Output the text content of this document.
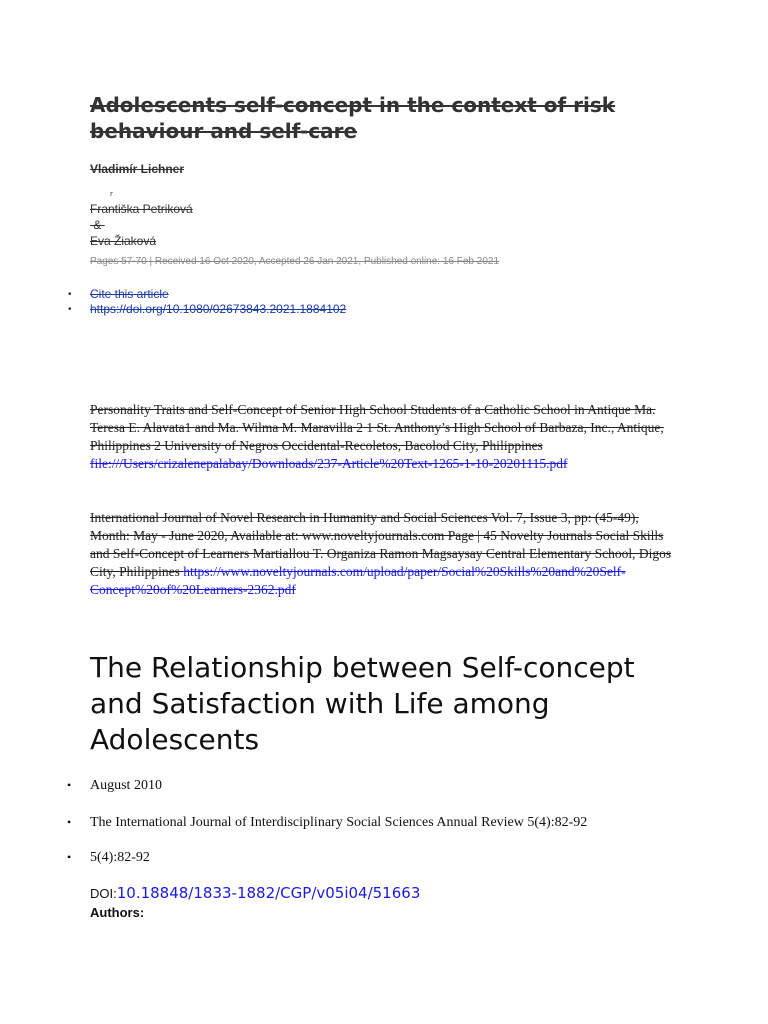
Adolescents self-concept in the context of risk behaviour and self-care
Vladimír Lichner
r
Františka Petriková
&
Eva Žiaková
Pages 57-70 | Received 16 Oct 2020, Accepted 26 Jan 2021, Published online: 16 Feb 2021
• Cite this article
• https://doi.org/10.1080/02673843.2021.1884102
Personality Traits and Self-Concept of Senior High School Students of a Catholic School in Antique Ma. Teresa E. Alavata1 and Ma. Wilma M. Maravilla 2 1 St. Anthony’s High School of Barbaza, Inc., Antique, Philippines 2 University of Negros Occidental-Recoletos, Bacolod City, Philippines file:///Users/crizalenepalabay/Downloads/237-Article%20Text-1265-1-10-20201115.pdf
International Journal of Novel Research in Humanity and Social Sciences Vol. 7, Issue 3, pp: (45-49), Month: May - June 2020, Available at: www.noveltyjournals.com Page | 45 Novelty Journals Social Skills and Self-Concept of Learners Martiallou T. Organiza Ramon Magsaysay Central Elementary School, Digos City, Philippines https://www.noveltyjournals.com/upload/paper/Social%20Skills%20and%20Self-Concept%20of%20Learners-2362.pdf
The Relationship between Self-concept and Satisfaction with Life among Adolescents
• August 2010
• The International Journal of Interdisciplinary Social Sciences Annual Review 5(4):82-92
• 5(4):82-92
DOI:10.18848/1833-1882/CGP/v05i04/51663
Authors:
